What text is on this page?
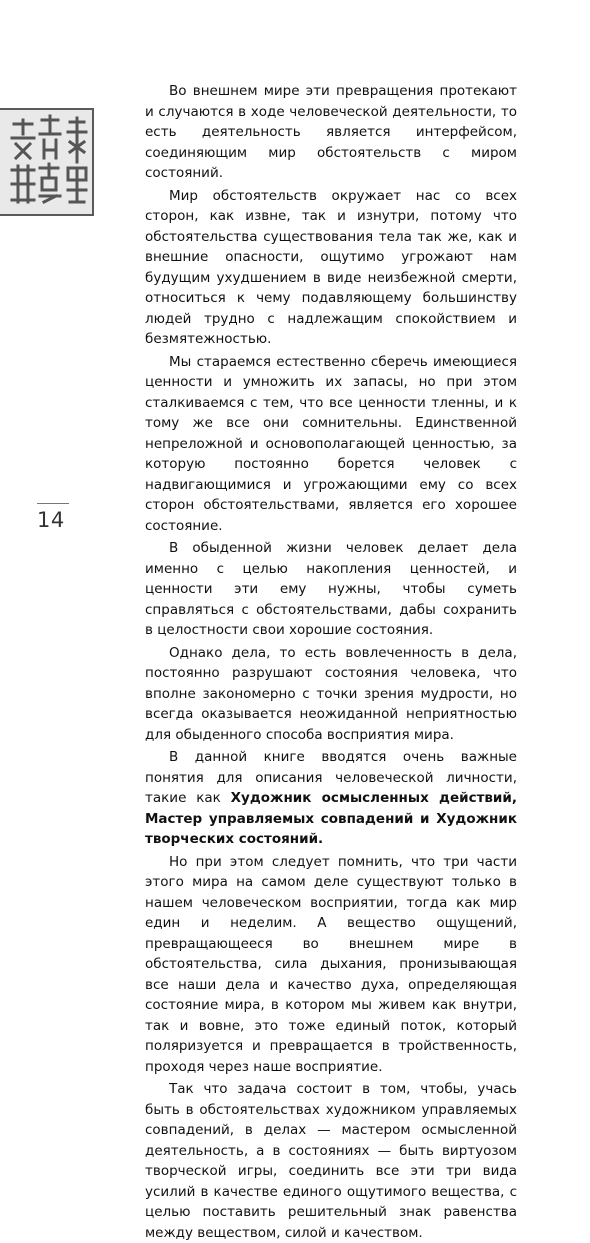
14

Во внешнем мире эти превращения протекают и случаются в ходе человеческой деятельности, то есть деятельность является интерфейсом, соединяющим мир обстоятельств с миром состояний.

Мир обстоятельств окружает нас со всех сторон, как извне, так и изнутри, потому что обстоятельства существования тела так же, как и внешние опасности, ощутимо угрожают нам будущим ухудшением в виде неизбежной смерти, относиться к чему подавляющему большинству людей трудно с надлежащим спокойствием и безмятежностью.

Мы стараемся естественно сберечь имеющиеся ценности и умножить их запасы, но при этом сталкиваемся с тем, что все ценности тленны, и к тому же все они сомнительны. Единственной непреложной и основополагающей ценностью, за которую постоянно борется человек с надвигающимися и угрожающими ему со всех сторон обстоятельствами, является его хорошее состояние.

В обыденной жизни человек делает дела именно с целью накопления ценностей, и ценности эти ему нужны, чтобы суметь справляться с обстоятельствами, дабы сохранить в целостности свои хорошие состояния.

Однако дела, то есть вовлеченность в дела, постоянно разрушают состояния человека, что вполне закономерно с точки зрения мудрости, но всегда оказывается неожиданной неприятностью для обыденного способа восприятия мира.

В данной книге вводятся очень важные понятия для описания человеческой личности, такие как Художник осмысленных действий, Мастер управляемых совпадений и Художник творческих состояний.

Но при этом следует помнить, что три части этого мира на самом деле существуют только в нашем человеческом восприятии, тогда как мир един и неделим. А вещество ощущений, превращающееся во внешнем мире в обстоятельства, сила дыхания, пронизывающая все наши дела и качество духа, определяющая состояние мира, в котором мы живем как внутри, так и вовне, это тоже единый поток, который поляризуется и превращается в тройственность, проходя через наше восприятие.

Так что задача состоит в том, чтобы, учась быть в обстоятельствах художником управляемых совпадений, в делах — мастером осмысленной деятельность, а в состояниях — быть виртуозом творческой игры, соединить все эти три вида усилий в качестве единого ощутимого вещества, с целью поставить решительный знак равенства между веществом, силой и качеством.
